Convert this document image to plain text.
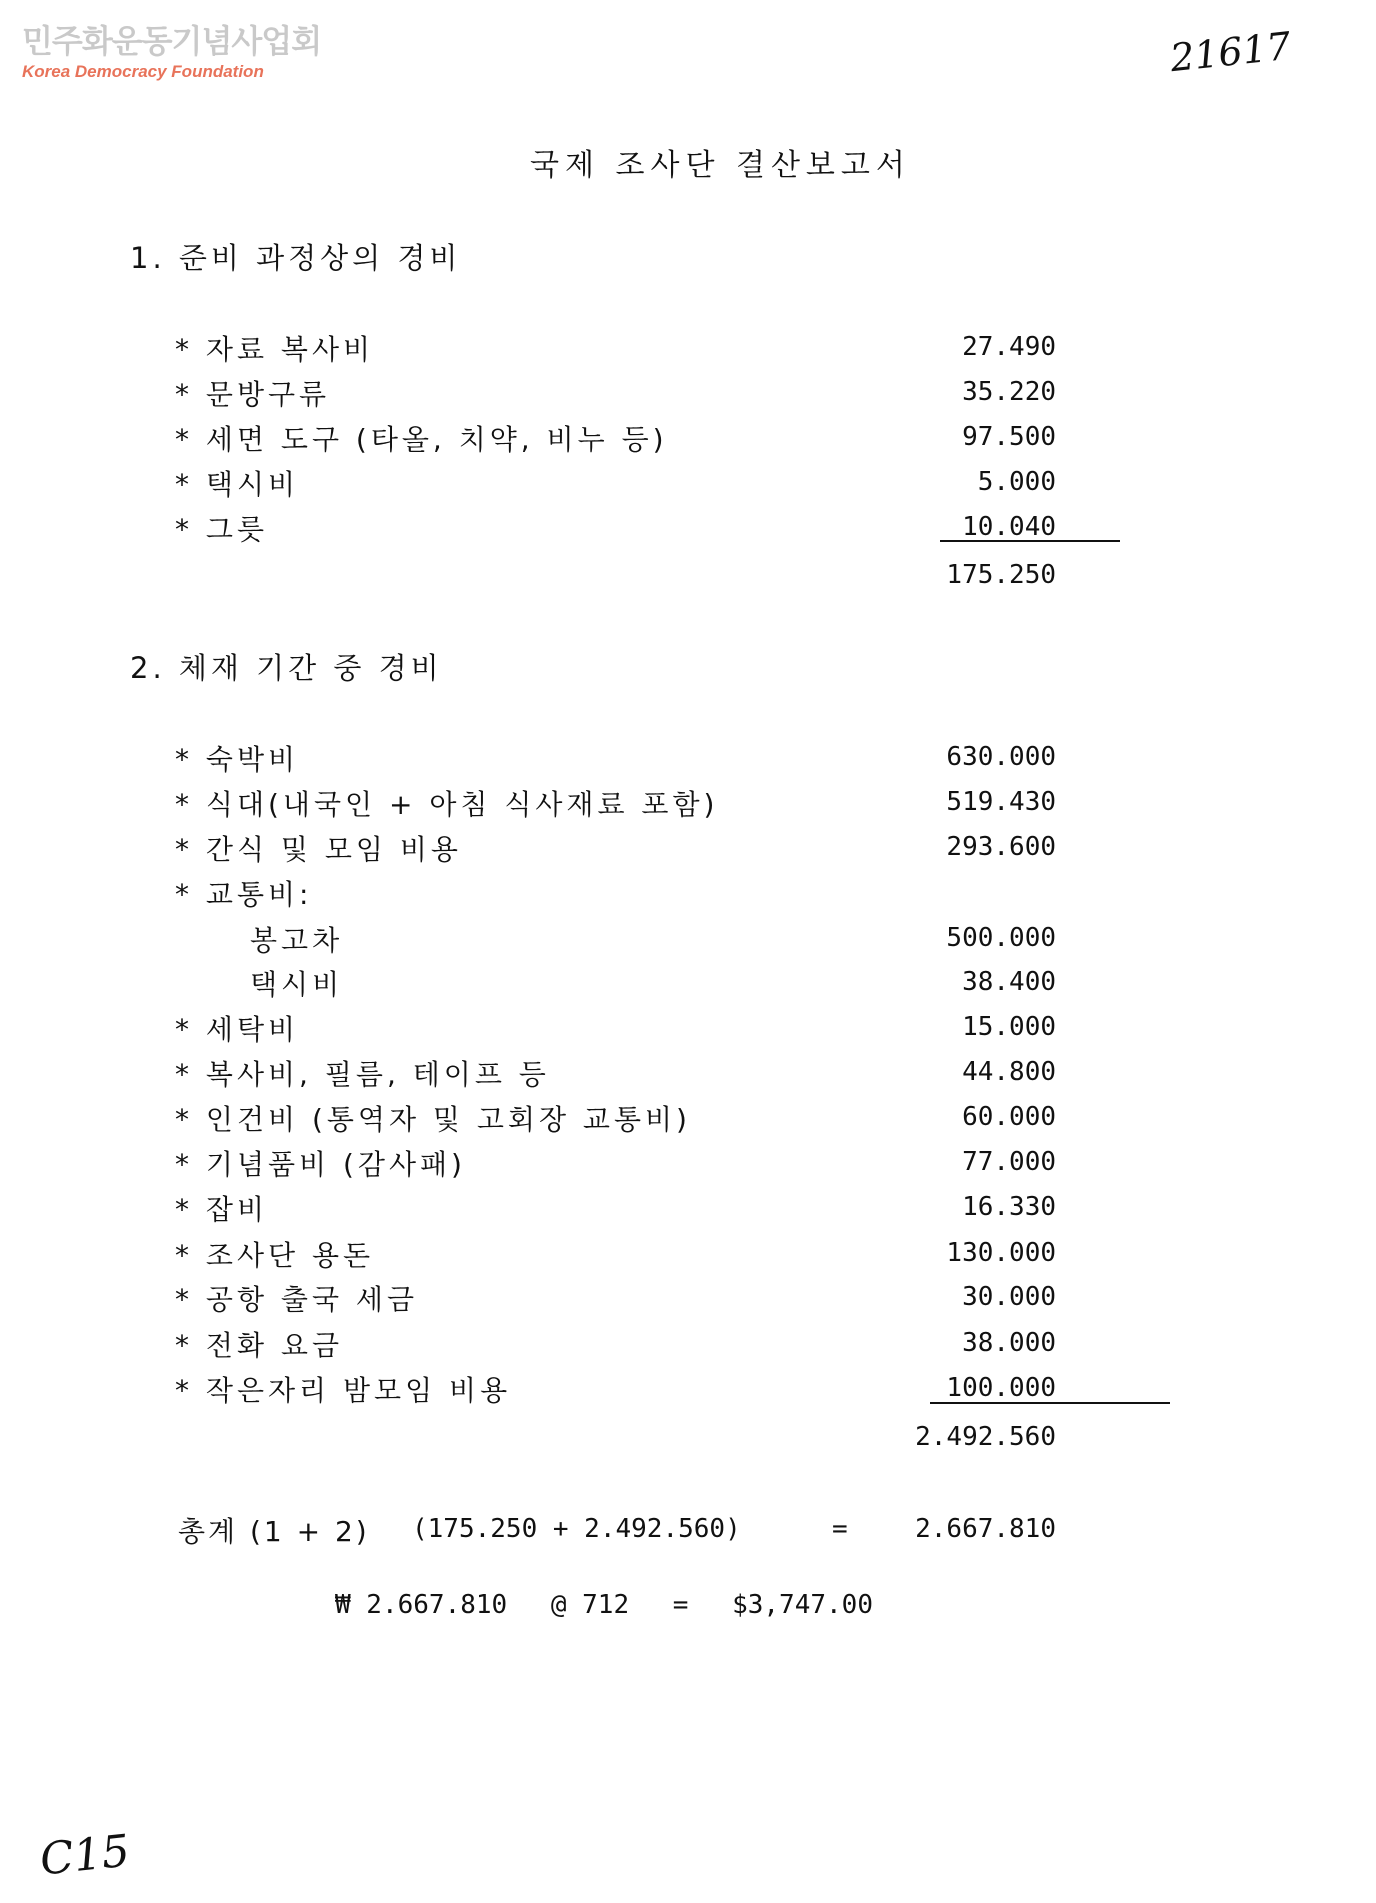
민주화운동기념사업회
Korea Democracy Foundation	21617
국제 조사단 결산보고서
1. 준비 과정상의 경비
* 자료 복사비	27.490
* 문방구류	35.220
* 세면 도구 (타올, 치약, 비누 등)	97.500
* 택시비	5.000
* 그릇	10.040
175.250
2. 체재 기간 중 경비
* 숙박비	630.000
* 식대(내국인 + 아침 식사재료 포함)	519.430
* 간식 및 모임 비용	293.600
* 교통비:
봉고차	500.000
택시비	38.400
* 세탁비	15.000
* 복사비, 필름, 테이프 등	44.800
* 인건비 (통역자 및 고회장 교통비)	60.000
* 기념품비 (감사패)	77.000
* 잡비	16.330
* 조사단 용돈	130.000
* 공항 출국 세금	30.000
* 전화 요금	38.000
* 작은자리 밤모임 비용	100.000
2.492.560
총계 (1 + 2) (175.250 + 2.492.560)	=	2.667.810
₩ 2.667.810 @ 712 = $3,747.00
C15
